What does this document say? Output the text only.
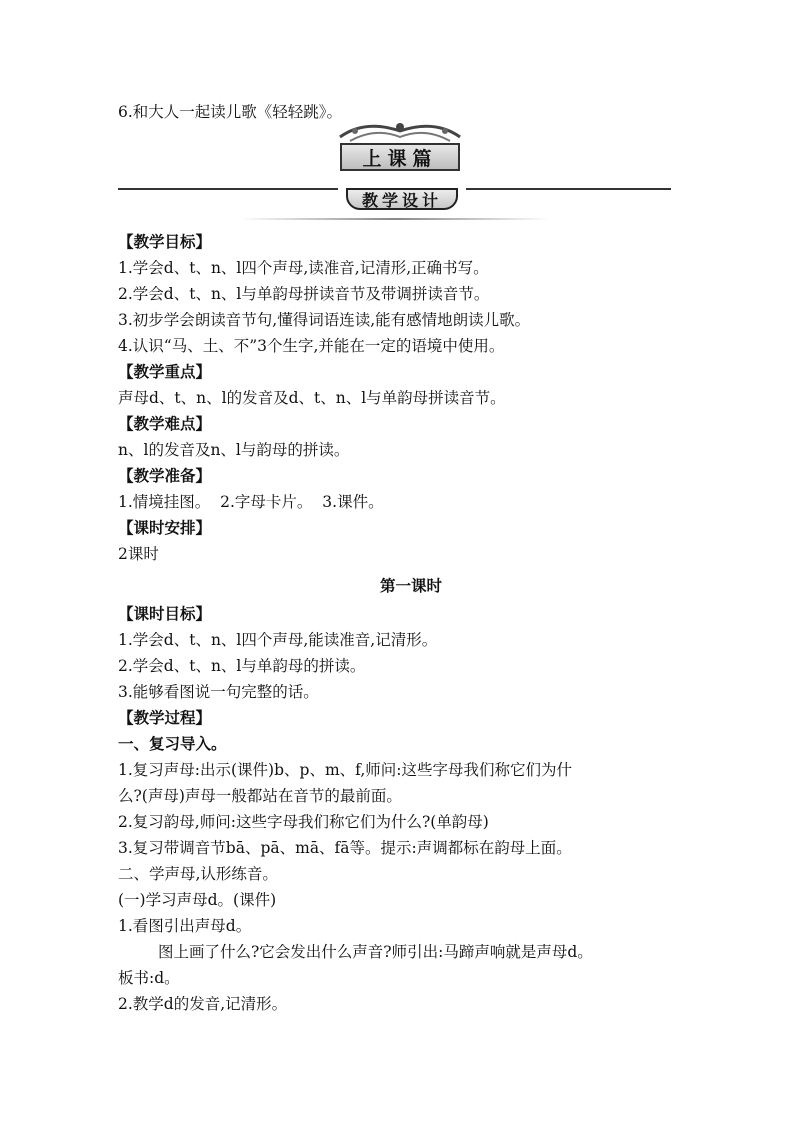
6.和大人一起读儿歌《轻轻跳》。
上课篇
教学设计
【教学目标】
1.学会d、t、n、l四个声母,读准音,记清形,正确书写。
2.学会d、t、n、l与单韵母拼读音节及带调拼读音节。
3.初步学会朗读音节句,懂得词语连读,能有感情地朗读儿歌。
4.认识“马、土、不”3个生字,并能在一定的语境中使用。
【教学重点】
声母d、t、n、l的发音及d、t、n、l与单韵母拼读音节。
【教学难点】
n、l的发音及n、l与韵母的拼读。
【教学准备】
1.情境挂图。  2.字母卡片。  3.课件。
【课时安排】
2课时
第一课时
【课时目标】
1.学会d、t、n、l四个声母,能读准音,记清形。
2.学会d、t、n、l与单韵母的拼读。
3.能够看图说一句完整的话。
【教学过程】
一、复习导入。
1.复习声母:出示(课件)b、p、m、f,师问:这些字母我们称它们为什
么?(声母)声母一般都站在音节的最前面。
2.复习韵母,师问:这些字母我们称它们为什么?(单韵母)
3.复习带调音节bā、pā、mā、fā等。提示:声调都标在韵母上面。
二、学声母,认形练音。
(一)学习声母d。(课件)
1.看图引出声母d。
图上画了什么?它会发出什么声音?师引出:马蹄声响就是声母d。
板书:d。
2.教学d的发音,记清形。
